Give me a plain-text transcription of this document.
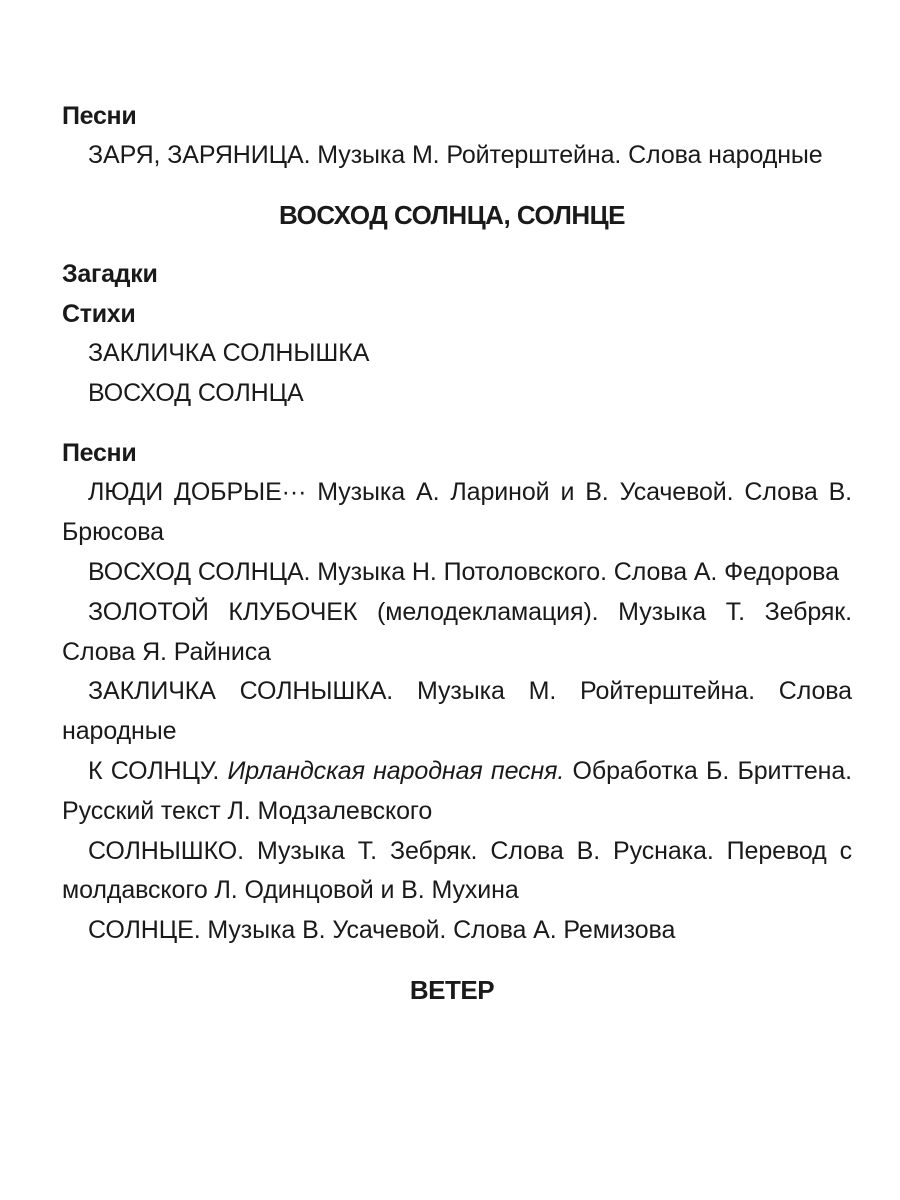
Песни
ЗАРЯ, ЗАРЯНИЦА. Музыка М. Ройтерштейна. Слова народные
ВОСХОД СОЛНЦА, СОЛНЦЕ
Загадки
Стихи
ЗАКЛИЧКА СОЛНЫШКА
ВОСХОД СОЛНЦА
Песни
ЛЮДИ ДОБРЫЕ··· Музыка А. Лариной и В. Усачевой. Слова В. Брюсова
ВОСХОД СОЛНЦА. Музыка Н. Потоловского. Слова А. Федорова
ЗОЛОТОЙ КЛУБОЧЕК (мелодекламация). Музыка Т. Зебряк. Слова Я. Райниса
ЗАКЛИЧКА СОЛНЫШКА. Музыка М. Ройтерштейна. Слова народные
К СОЛНЦУ. Ирландская народная песня. Обработка Б. Бриттена. Русский текст Л. Модзалевского
СОЛНЫШКО. Музыка Т. Зебряк. Слова В. Руснака. Перевод с молдавского Л. Одинцовой и В. Мухина
СОЛНЦЕ. Музыка В. Усачевой. Слова А. Ремизова
ВЕТЕР
